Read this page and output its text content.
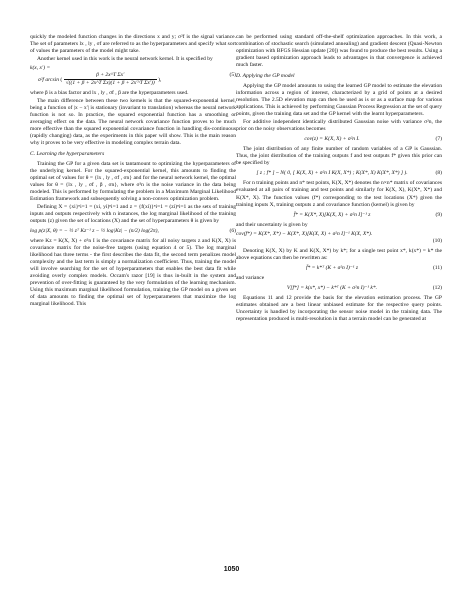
quickly the modeled function changes in the directions x and y; σ²f is the signal variance. The set of parameters lx , ly , σf are referred to as the hyperparameters and specify what sort of values the parameters of the model might take.

Another kernel used in this work is the neural network kernel. It is specified by

k(x, x′) =
σ²f arcsin ( $\frac{\text{β + 2x\textasciicircum{}T Σx′}}{\text{√((1 + β + 2x\textasciicircum{}T Σx)(1 + β + 2x′\textasciicircum{}T Σx′))}}$ ),
(5)

where β is a bias factor and lx , ly , σf , β are the hyperparameters used.

The main difference between these two kernels is that the squared-exponential kernel, being a function of |x − x′| is stationary (invariant to translation) whereas the neural network function is not so. In practice, the squared exponential function has a smoothing or averaging effect on the data. The neural network covariance function proves to be much more effective than the squared exponential covariance function in handling dis-continuous (rapidly changing) data, as the experiments in this paper will show. This is the main reason why it proves to be very effective in modeling complex terrain data.

C. Learning the hyperparameters

Training the GP for a given data set is tantamount to optimizing the hyperparameters of the underlying kernel. For the squared-exponential kernel, this amounts to finding the optimal set of values for θ = {lx , ly , σf , σn} and for the neural network kernel, the optimal values for θ = {lx , ly , σf , β , σn}, where σ²n is the noise variance in the data being modeled. This is performed by formulating the problem in a Maximum Marginal Likelihood Estimation framework and subsequently solving a non-convex optimization problem.

Defining X = {xi}ⁿi=1 = (xi, yi)ⁿi=1 and z = {f(xi)}ⁿi=1 = (zi)ⁿi=1 as the sets of training inputs and outputs respectively with n instances, the log marginal likelihood of the training outputs (z) given the set of locations (X) and the set of hyperparameters θ is given by

log p(z|X, θ) = − ½ zᵀ Kz⁻¹ z − ½ log|Kz| − (n/2) log(2π),	(6)

where Kz = K(X, X) + σ²n I is the covariance matrix for all noisy targets z and K(X, X) is covariance matrix for the noise-free targets (using equation 4 or 5). The log marginal likelihood has three terms - the first describes the data fit, the second term penalizes model complexity and the last term is simply a normalization coefficient. Thus, training the model will involve searching for the set of hyperparameters that enables the best data fit while avoiding overly complex models. Occam's razor [19] is thus in-built in the system and prevention of over-fitting is guaranteed by the very formulation of the learning mechanism. Using this maximum marginal likelihood formulation, training the GP model on a given set of data amounts to finding the optimal set of hyperparameters that maximize the log marginal likelihood. This

can be performed using standard off-the-shelf optimization approaches. In this work, a combination of stochastic search (simulated annealing) and gradient descent (Quasi-Newton optimization with BFGS Hessian update [20]) was found to produce the best results. Using a gradient based optimization approach leads to advantages in that convergence is achieved much faster.

D. Applying the GP model

Applying the GP model amounts to using the learned GP model to estimate the elevation information across a region of interest, characterized by a grid of points at a desired resolution. The 2.5D elevation map can then be used as is or as a surface map for various applications. This is achieved by performing Gaussian Process Regression at the set of query points, given the training data set and the GP kernel with the learnt hyperparameters.

For additive independent identically distributed Gaussian noise with variance σ²n, the prior on the noisy observations becomes

cov(z) = K(X, X) + σ²n I.	(7)

The joint distribution of any finite number of random variables of a GP is Gaussian. Thus, the joint distribution of the training outputs f and test outputs f* given this prior can be specified by

[ z ; f* ] ~ N( 0, [ K(X, X) + σ²n I K(X, X*) ; K(X*, X) K(X*, X*) ] ).	(8)

For n training points and n* test points, K(X, X*) denotes the n×n* matrix of covariances evaluated at all pairs of training and test points and similarly for K(X, X), K(X*, X*) and K(X*, X). The function values (f*) corresponding to the test locations (X*) given the training inputs X, training outputs z and covariance function (kernel) is given by

f̄* = K(X*, X)[K(X, X) + σ²n I]⁻¹ z	(9)

and their uncertainty is given by

cov(f*) = K(X*, X*) − K(X*, X)[K(X, X) + σ²n I]⁻¹ K(X, X*).
(10)

Denoting K(X, X) by K and K(X, X*) by k*; for a single test point x*, k(x*) = k* the above equations can then be rewritten as:

f̄* = k*ᵀ (K + σ²n I)⁻¹ z	(11)

and variance

V[f*] = k(x*, x*) − k*ᵀ (K + σ²n I)⁻¹ k*.	(12)

Equations 11 and 12 provide the basis for the elevation estimation process. The GP estimates obtained are a best linear unbiased estimate for the respective query points. Uncertainty is handled by incorporating the sensor noise model in the training data. The representation produced is multi-resolution in that a terrain model can be generated at

1050
